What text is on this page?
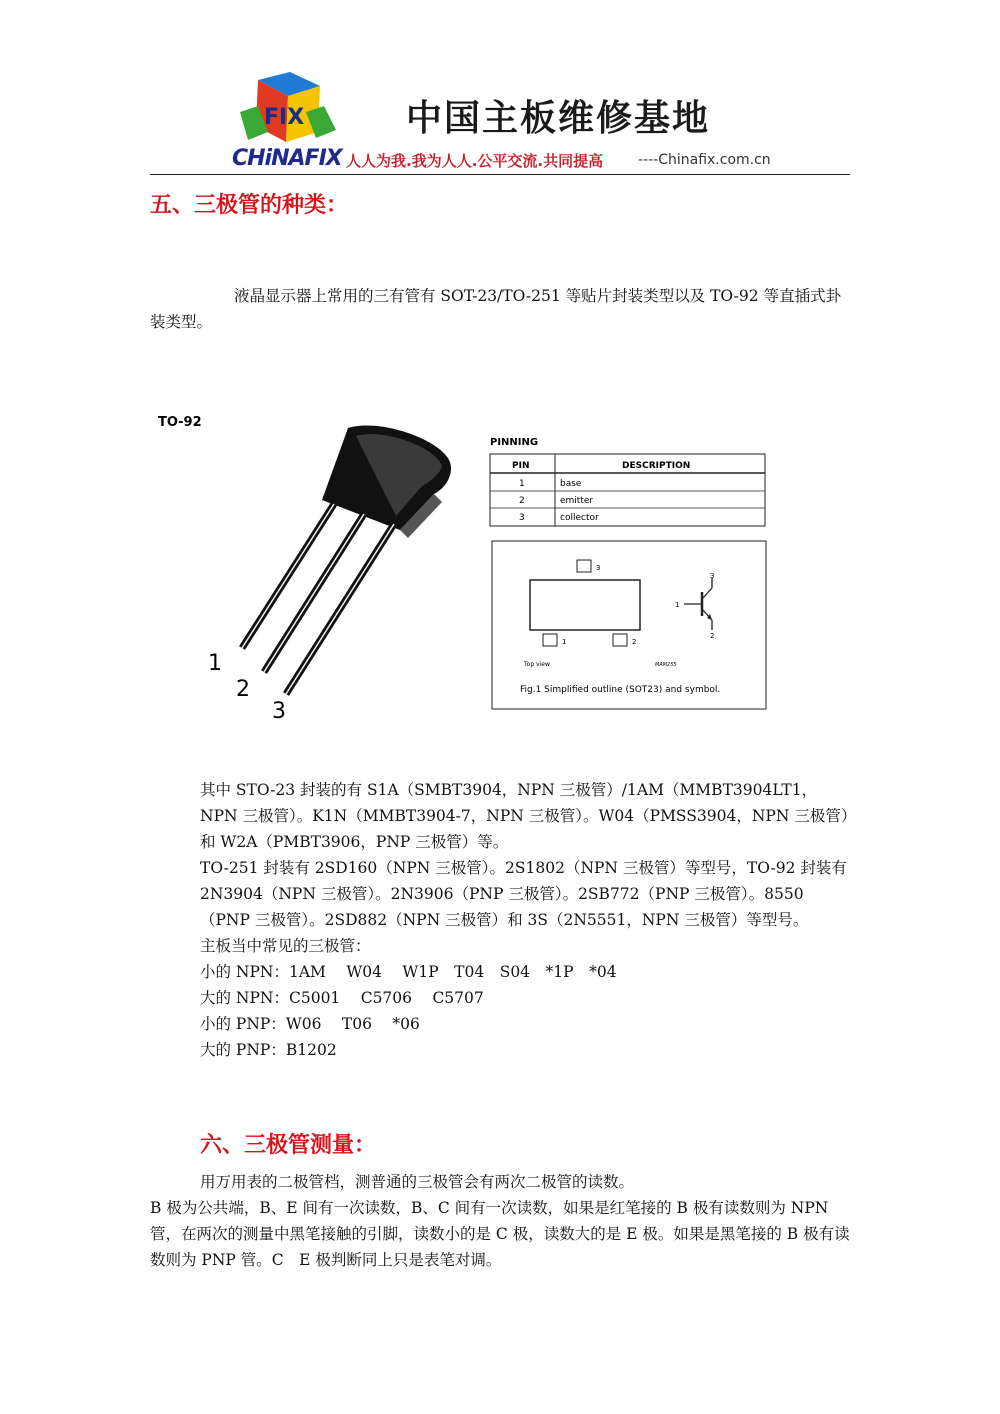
FIX
CHiNAFIX
中国主板维修基地
人人为我.我为人人.公平交流.共同提高 ----Chinafix.com.cn
五、三极管的种类：

液晶显示器上常用的三有管有 SOT-23/TO-251 等贴片封装类型以及 TO-92 等直插式卦装类型。

TO-92
1
2
3
PINNING
PIN	DESCRIPTION
1	base
2	emitter
3	collector
3
1	2
Top view	MAM255
Fig.1 Simplified outline (SOT23) and symbol.
3
1
2

其中 STO-23 封装的有 S1A（SMBT3904，NPN 三极管）/1AM（MMBT3904LT1，NPN 三极管）。K1N（MMBT3904-7，NPN 三极管）。W04（PMSS3904，NPN 三极管）和 W2A（PMBT3906，PNP 三极管）等。

TO-251 封装有 2SD160（NPN 三极管）。2S1802（NPN 三极管）等型号，TO-92 封装有 2N3904（NPN 三极管）。2N3906（PNP 三极管）。2SB772（PNP 三极管）。8550（PNP 三极管）。2SD882（NPN 三极管）和 3S（2N5551，NPN 三极管）等型号。

主板当中常见的三极管：

小的 NPN：1AM　 W04　 W1P　T04　S04　*1P　*04

大的 NPN：C5001　 C5706　 C5707

小的 PNP：W06　 T06　 *06

大的 PNP：B1202

六、三极管测量：

用万用表的二极管档，测普通的三极管会有两次二极管的读数。

B 极为公共端，B、E 间有一次读数，B、C 间有一次读数，如果是红笔接的 B 极有读数则为 NPN 管，在两次的测量中黑笔接触的引脚，读数小的是 C 极，读数大的是 E 极。如果是黑笔接的 B 极有读数则为 PNP 管。C　E 极判断同上只是表笔对调。
